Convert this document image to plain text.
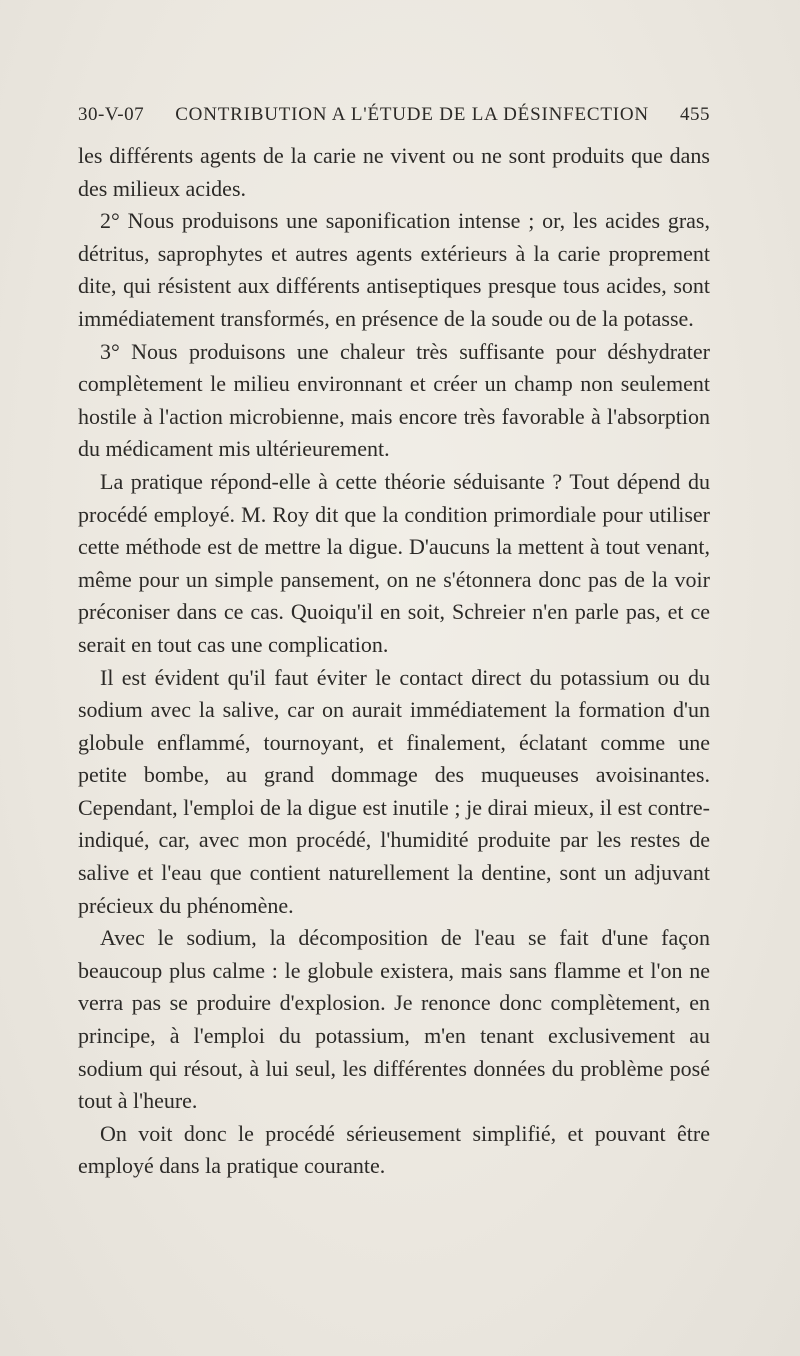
30-V-07 CONTRIBUTION A L'ÉTUDE DE LA DÉSINFECTION 455

les différents agents de la carie ne vivent ou ne sont produits que dans des milieux acides.

2° Nous produisons une saponification intense ; or, les acides gras, détritus, saprophytes et autres agents extérieurs à la carie proprement dite, qui résistent aux différents antiseptiques presque tous acides, sont immédiatement transformés, en présence de la soude ou de la potasse.

3° Nous produisons une chaleur très suffisante pour déshydrater complètement le milieu environnant et créer un champ non seulement hostile à l'action microbienne, mais encore très favorable à l'absorption du médicament mis ultérieurement.

La pratique répond-elle à cette théorie séduisante ? Tout dépend du procédé employé. M. Roy dit que la condition primordiale pour utiliser cette méthode est de mettre la digue. D'aucuns la mettent à tout venant, même pour un simple pansement, on ne s'étonnera donc pas de la voir préconiser dans ce cas. Quoiqu'il en soit, Schreier n'en parle pas, et ce serait en tout cas une complication.

Il est évident qu'il faut éviter le contact direct du potassium ou du sodium avec la salive, car on aurait immédiatement la formation d'un globule enflammé, tournoyant, et finalement, éclatant comme une petite bombe, au grand dommage des muqueuses avoisinantes. Cependant, l'emploi de la digue est inutile ; je dirai mieux, il est contre-indiqué, car, avec mon procédé, l'humidité produite par les restes de salive et l'eau que contient naturellement la dentine, sont un adjuvant précieux du phénomène.

Avec le sodium, la décomposition de l'eau se fait d'une façon beaucoup plus calme : le globule existera, mais sans flamme et l'on ne verra pas se produire d'explosion. Je renonce donc complètement, en principe, à l'emploi du potassium, m'en tenant exclusivement au sodium qui résout, à lui seul, les différentes données du problème posé tout à l'heure.

On voit donc le procédé sérieusement simplifié, et pouvant être employé dans la pratique courante.
